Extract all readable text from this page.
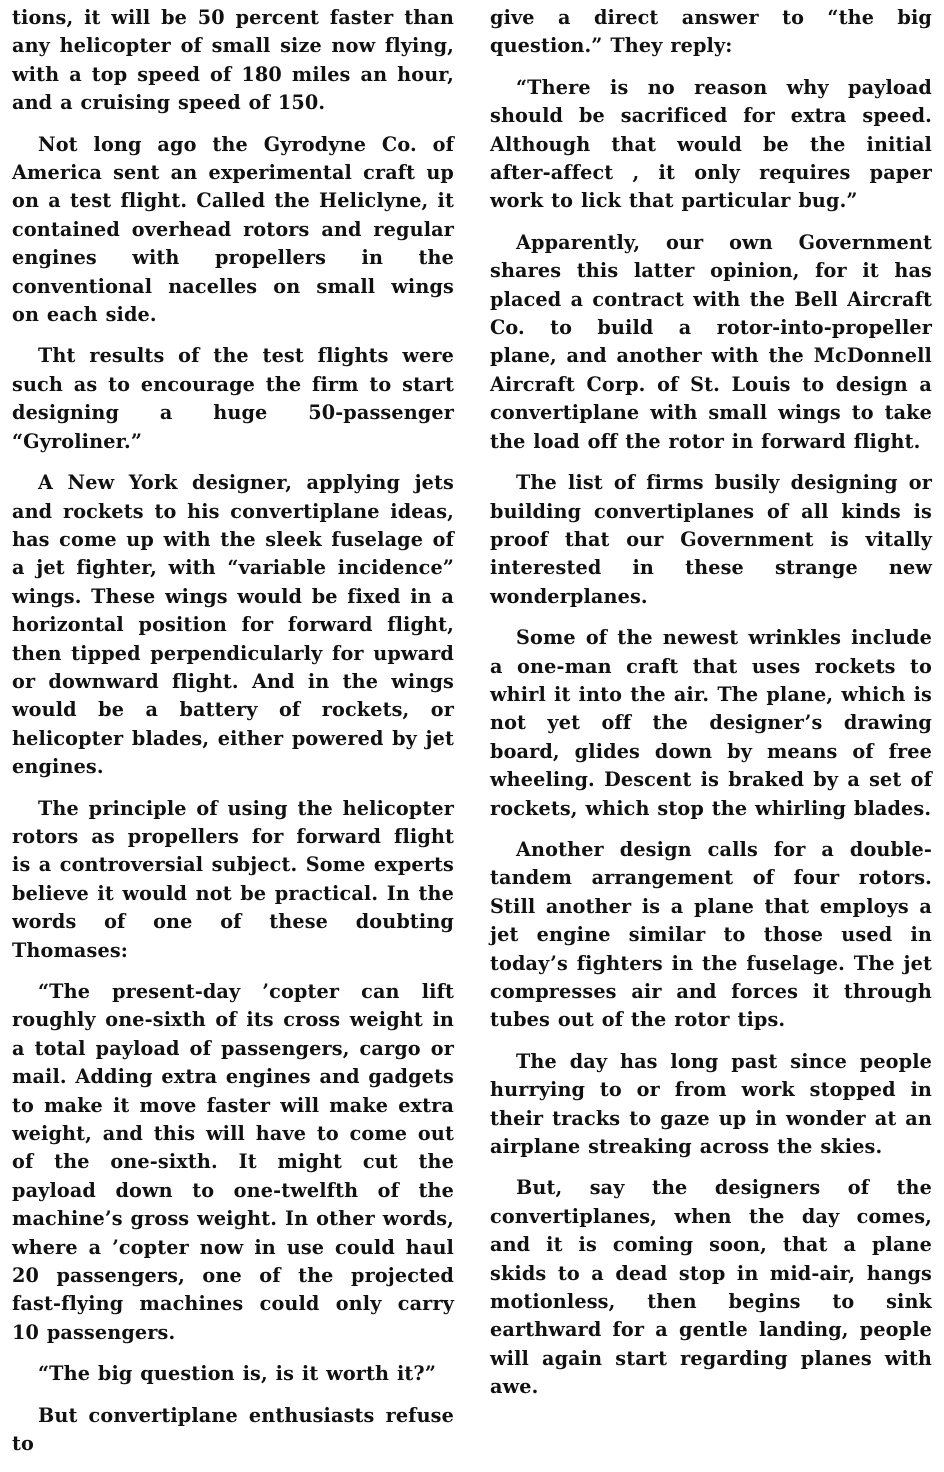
tions, it will be 50 percent faster than any helicopter of small size now flying, with a top speed of 180 miles an hour, and a cruising speed of 150.

Not long ago the Gyrodyne Co. of America sent an experimental craft up on a test flight. Called the Heliclyne, it contained overhead rotors and regular engines with propellers in the conventional nacelles on small wings on each side.

Tht results of the test flights were such as to encourage the firm to start designing a huge 50-passenger “Gyroliner.”

A New York designer, applying jets and rockets to his convertiplane ideas, has come up with the sleek fuselage of a jet fighter, with “variable incidence” wings. These wings would be fixed in a horizontal position for forward flight, then tipped perpendicularly for upward or downward flight. And in the wings would be a battery of rockets, or helicopter blades, either powered by jet engines.

The principle of using the helicopter rotors as propellers for forward flight is a controversial subject. Some experts believe it would not be practical. In the words of one of these doubting Thomases:

“The present-day ’copter can lift roughly one-sixth of its cross weight in a total payload of passengers, cargo or mail. Adding extra engines and gadgets to make it move faster will make extra weight, and this will have to come out of the one-sixth. It might cut the payload down to one-twelfth of the machine’s gross weight. In other words, where a ’copter now in use could haul 20 passengers, one of the projected fast-flying machines could only carry 10 passengers.

“The big question is, is it worth it?”

But convertiplane enthusiasts refuse to

give a direct answer to “the big question.” They reply:

“There is no reason why payload should be sacrificed for extra speed. Although that would be the initial after-affect , it only requires paper work to lick that particular bug.”

Apparently, our own Government shares this latter opinion, for it has placed a contract with the Bell Aircraft Co. to build a rotor-into-propeller plane, and another with the McDonnell Aircraft Corp. of St. Louis to design a convertiplane with small wings to take the load off the rotor in forward flight.

The list of firms busily designing or building convertiplanes of all kinds is proof that our Government is vitally interested in these strange new wonderplanes.

Some of the newest wrinkles include a one-man craft that uses rockets to whirl it into the air. The plane, which is not yet off the designer’s drawing board, glides down by means of free wheeling. Descent is braked by a set of rockets, which stop the whirling blades.

Another design calls for a double-tandem arrangement of four rotors. Still another is a plane that employs a jet engine similar to those used in today’s fighters in the fuselage. The jet compresses air and forces it through tubes out of the rotor tips.

The day has long past since people hurrying to or from work stopped in their tracks to gaze up in wonder at an airplane streaking across the skies.

But, say the designers of the convertiplanes, when the day comes, and it is coming soon, that a plane skids to a dead stop in mid-air, hangs motionless, then begins to sink earthward for a gentle landing, people will again start regarding planes with awe.
